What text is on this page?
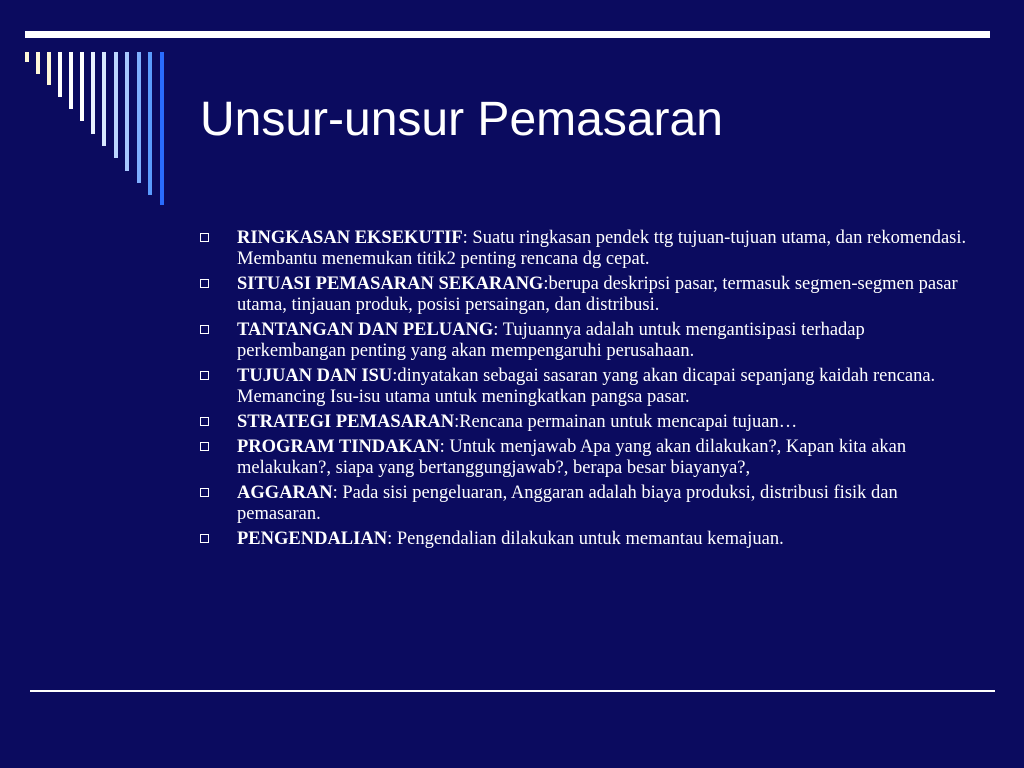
Unsur-unsur Pemasaran
RINGKASAN EKSEKUTIF: Suatu ringkasan pendek ttg tujuan-tujuan utama, dan rekomendasi. Membantu menemukan titik2 penting rencana dg cepat.
SITUASI PEMASARAN SEKARANG:berupa deskripsi pasar, termasuk segmen-segmen pasar utama, tinjauan produk, posisi persaingan, dan distribusi.
TANTANGAN DAN PELUANG: Tujuannya adalah untuk mengantisipasi terhadap perkembangan penting yang akan mempengaruhi perusahaan.
TUJUAN DAN ISU:dinyatakan sebagai sasaran yang akan dicapai sepanjang kaidah rencana. Memancing Isu-isu utama untuk meningkatkan pangsa pasar.
STRATEGI PEMASARAN:Rencana permainan untuk mencapai tujuan…
PROGRAM TINDAKAN: Untuk menjawab Apa yang akan dilakukan?, Kapan kita akan melakukan?, siapa yang bertanggungjawab?, berapa besar biayanya?,
AGGARAN: Pada sisi pengeluaran, Anggaran adalah biaya produksi, distribusi fisik dan pemasaran.
PENGENDALIAN: Pengendalian dilakukan untuk memantau kemajuan.
